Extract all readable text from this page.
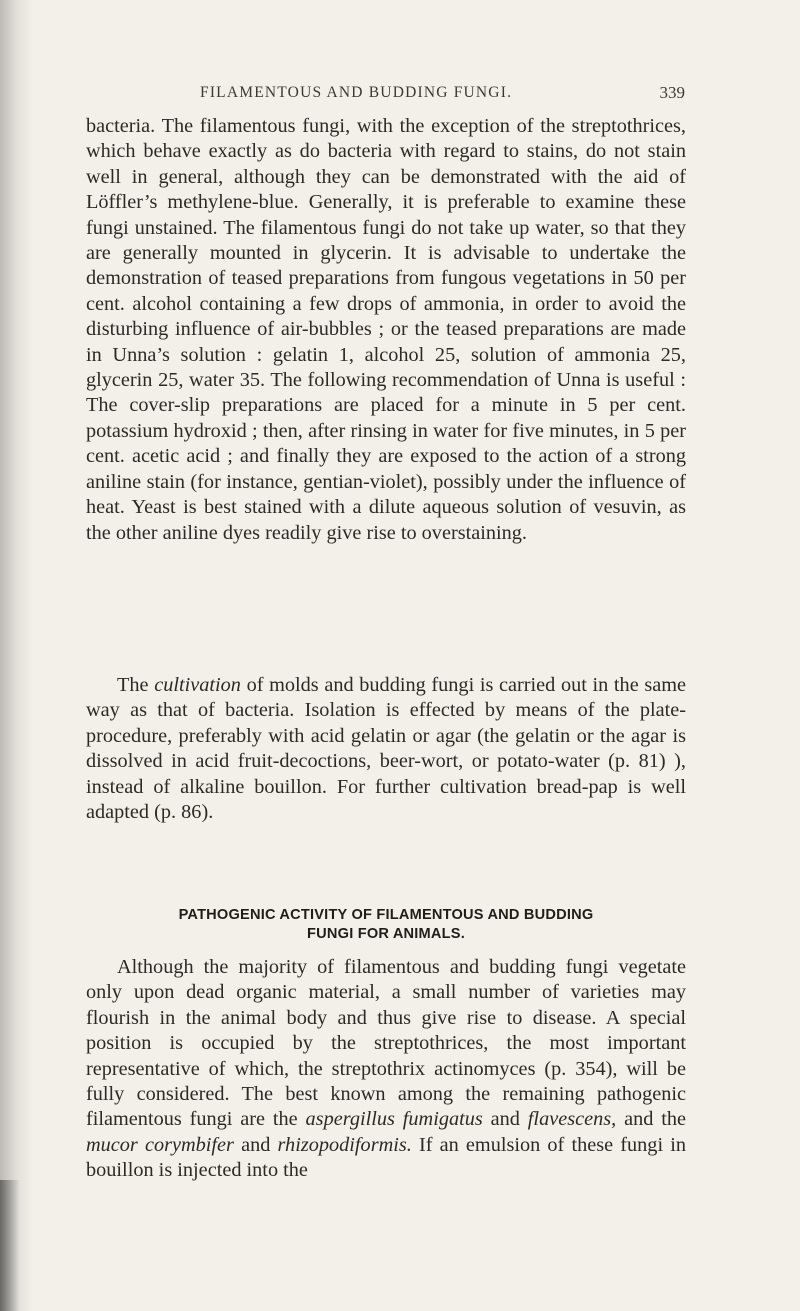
FILAMENTOUS AND BUDDING FUNGI.	339

bacteria. The filamentous fungi, with the exception of the streptothrices, which behave exactly as do bacteria with regard to stains, do not stain well in general, although they can be demonstrated with the aid of Löffler’s methylene-blue. Generally, it is preferable to examine these fungi unstained. The filamentous fungi do not take up water, so that they are generally mounted in glycerin. It is advisable to undertake the demonstration of teased preparations from fungous vegetations in 50 per cent. alcohol containing a few drops of ammonia, in order to avoid the disturbing influence of air-bubbles ; or the teased preparations are made in Unna’s solution : gelatin 1, alcohol 25, solution of ammonia 25, glycerin 25, water 35. The following recommendation of Unna is useful : The cover-slip preparations are placed for a minute in 5 per cent. potassium hydroxid ; then, after rinsing in water for five minutes, in 5 per cent. acetic acid ; and finally they are exposed to the action of a strong aniline stain (for instance, gentian-violet), possibly under the influence of heat. Yeast is best stained with a dilute aqueous solution of vesuvin, as the other aniline dyes readily give rise to overstaining.

The cultivation of molds and budding fungi is carried out in the same way as that of bacteria. Isolation is effected by means of the plate-procedure, preferably with acid gelatin or agar (the gelatin or the agar is dissolved in acid fruit-decoctions, beer-wort, or potato-water (p. 81) ), instead of alkaline bouillon. For further cultivation bread-pap is well adapted (p. 86).

PATHOGENIC ACTIVITY OF FILAMENTOUS AND BUDDING
FUNGI FOR ANIMALS.

Although the majority of filamentous and budding fungi vegetate only upon dead organic material, a small number of varieties may flourish in the animal body and thus give rise to disease. A special position is occupied by the streptothrices, the most important representative of which, the streptothrix actinomyces (p. 354), will be fully considered. The best known among the remaining pathogenic filamentous fungi are the aspergillus fumigatus and flavescens, and the mucor corymbifer and rhizopodiformis. If an emulsion of these fungi in bouillon is injected into the
